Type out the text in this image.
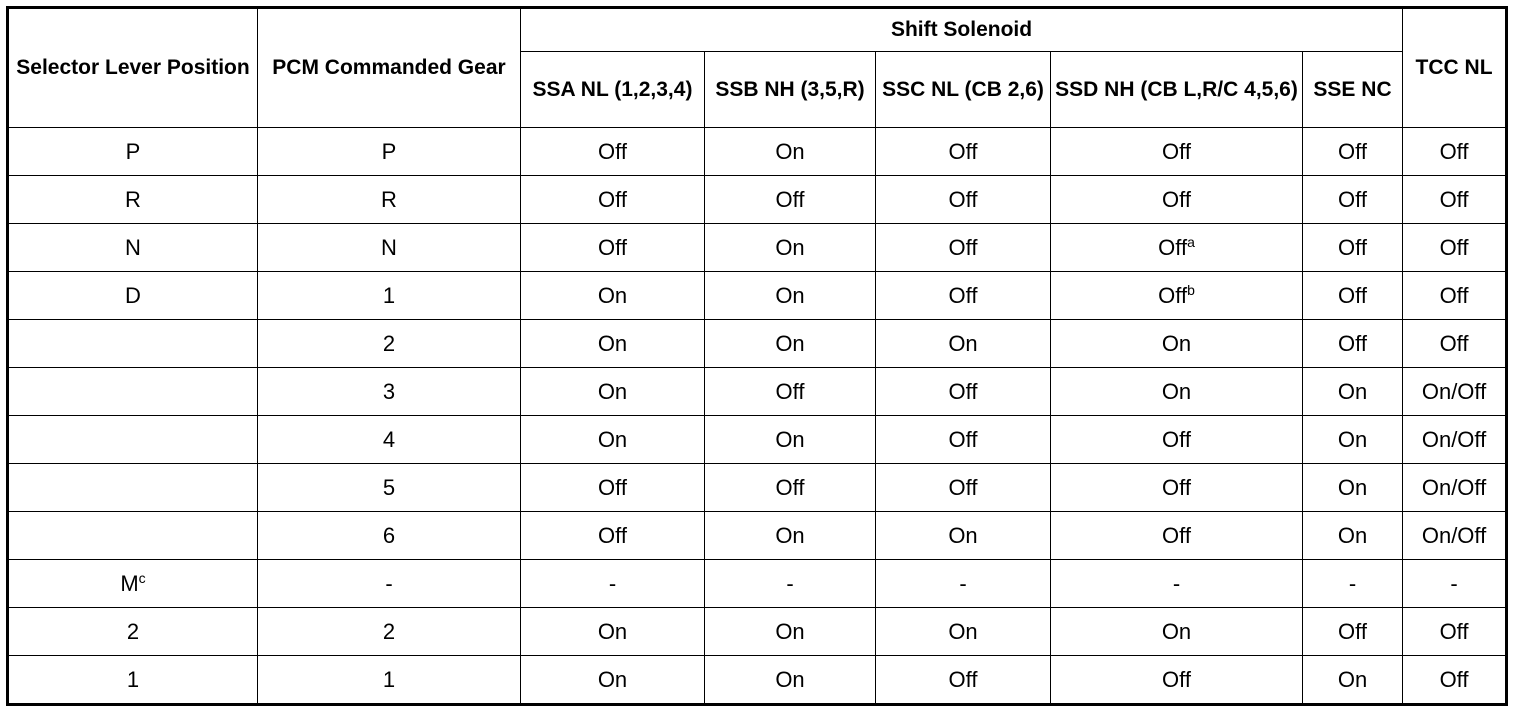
Selector Lever Position	PCM Commanded Gear	Shift Solenoid					TCC NL
		SSA NL (1,2,3,4)	SSB NH (3,5,R)	SSC NL (CB 2,6)	SSD NH (CB L,R/C 4,5,6)	SSE NC	
P	P	Off	On	Off	Off	Off	Off
R	R	Off	Off	Off	Off	Off	Off
N	N	Off	On	Off	Off$^a$	Off	Off
D	1	On	On	Off	Off$^b$	Off	Off
	2	On	On	On	On	Off	Off
	3	On	Off	Off	On	On	On/Off
	4	On	On	Off	Off	On	On/Off
	5	Off	Off	Off	Off	On	On/Off
	6	Off	On	On	Off	On	On/Off
$M^c$	-	-	-	-	-	-	-
2	2	On	On	On	On	Off	Off
1	1	On	On	Off	Off	On	Off
